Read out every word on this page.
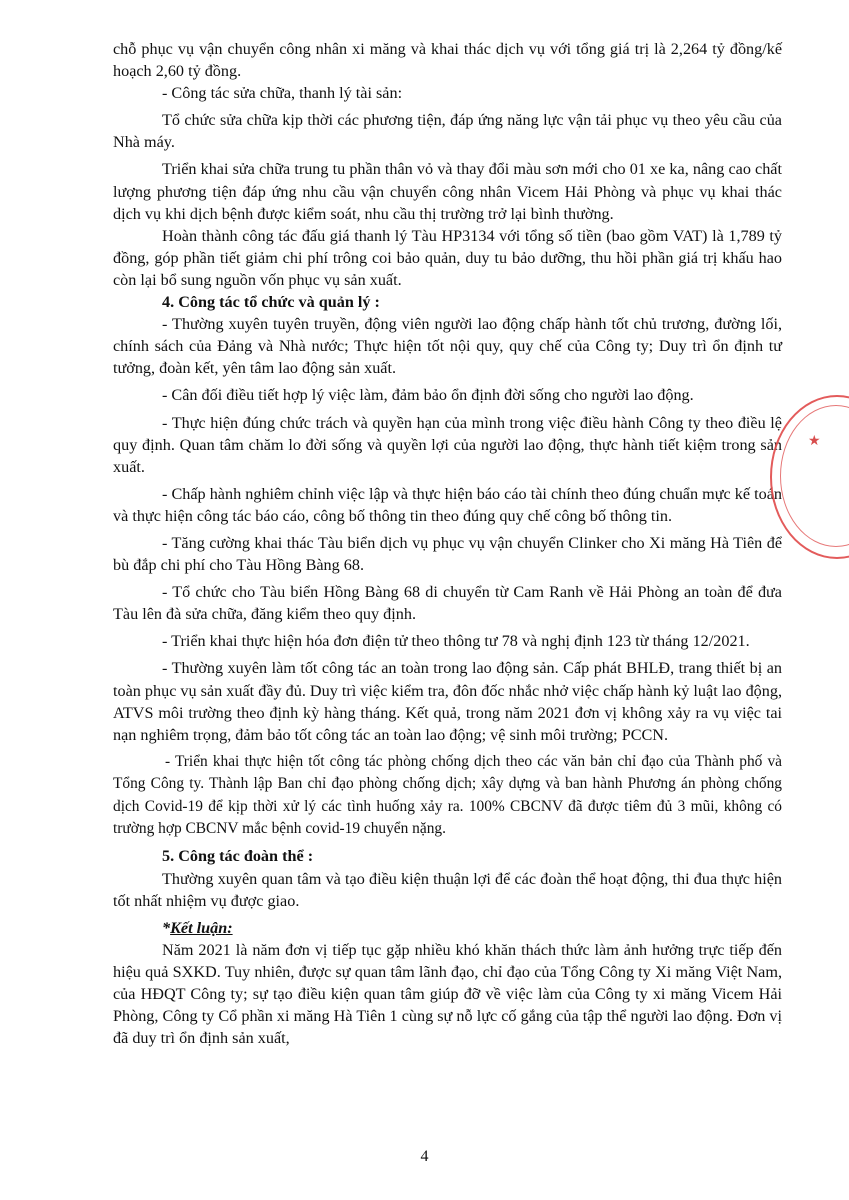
chỗ phục vụ vận chuyển công nhân xi măng và khai thác dịch vụ với tổng giá trị là 2,264 tỷ đồng/kế hoạch 2,60 tỷ đồng.

- Công tác sửa chữa, thanh lý tài sản:

Tổ chức sửa chữa kịp thời các phương tiện, đáp ứng năng lực vận tải phục vụ theo yêu cầu của Nhà máy.

Triển khai sửa chữa trung tu phần thân vỏ và thay đổi màu sơn mới cho 01 xe ka, nâng cao chất lượng phương tiện đáp ứng nhu cầu vận chuyển công nhân Vicem Hải Phòng và phục vụ khai thác dịch vụ khi dịch bệnh được kiểm soát, nhu cầu thị trường trở lại bình thường.

Hoàn thành công tác đấu giá thanh lý Tàu HP3134 với tổng số tiền (bao gồm VAT) là 1,789 tỷ đồng, góp phần tiết giảm chi phí trông coi bảo quản, duy tu bảo dưỡng, thu hồi phần giá trị khấu hao còn lại bổ sung nguồn vốn phục vụ sản xuất.

4. Công tác tổ chức và quản lý :

- Thường xuyên tuyên truyền, động viên người lao động chấp hành tốt chủ trương, đường lối, chính sách của Đảng và Nhà nước; Thực hiện tốt nội quy, quy chế của Công ty; Duy trì ổn định tư tưởng, đoàn kết, yên tâm lao động sản xuất.

- Cân đối điều tiết hợp lý việc làm, đảm bảo ổn định đời sống cho người lao động.

- Thực hiện đúng chức trách và quyền hạn của mình trong việc điều hành Công ty theo điều lệ quy định. Quan tâm chăm lo đời sống và quyền lợi của người lao động, thực hành tiết kiệm trong sản xuất.

- Chấp hành nghiêm chỉnh việc lập và thực hiện báo cáo tài chính theo đúng chuẩn mực kế toán và thực hiện công tác báo cáo, công bố thông tin theo đúng quy chế công bố thông tin.

- Tăng cường khai thác Tàu biển dịch vụ phục vụ vận chuyển Clinker cho Xi măng Hà Tiên để bù đắp chi phí cho Tàu Hồng Bàng 68.

- Tổ chức cho Tàu biển Hồng Bàng 68 di chuyển từ Cam Ranh về Hải Phòng an toàn để đưa Tàu lên đà sửa chữa, đăng kiểm theo quy định.

- Triển khai thực hiện hóa đơn điện tử theo thông tư 78 và nghị định 123 từ tháng 12/2021.

- Thường xuyên làm tốt công tác an toàn trong lao động sản. Cấp phát BHLĐ, trang thiết bị an toàn phục vụ sản xuất đầy đủ. Duy trì việc kiểm tra, đôn đốc nhắc nhở việc chấp hành kỷ luật lao động, ATVS môi trường theo định kỳ hàng tháng. Kết quả, trong năm 2021 đơn vị không xảy ra vụ việc tai nạn nghiêm trọng, đảm bảo tốt công tác an toàn lao động; vệ sinh môi trường; PCCN.

- Triển khai thực hiện tốt công tác phòng chống dịch theo các văn bản chỉ đạo của Thành phố và Tổng Công ty. Thành lập Ban chỉ đạo phòng chống dịch; xây dựng và ban hành Phương án phòng chống dịch Covid-19 để kịp thời xử lý các tình huống xảy ra. 100% CBCNV đã được tiêm đủ 3 mũi, không có trường hợp CBCNV mắc bệnh covid-19 chuyển nặng.

5. Công tác đoàn thể :

Thường xuyên quan tâm và tạo điều kiện thuận lợi để các đoàn thể hoạt động, thi đua thực hiện tốt nhất nhiệm vụ được giao.

*Kết luận:

Năm 2021 là năm đơn vị tiếp tục gặp nhiều khó khăn thách thức làm ảnh hưởng trực tiếp đến hiệu quả SXKD. Tuy nhiên, được sự quan tâm lãnh đạo, chỉ đạo của Tổng Công ty Xi măng Việt Nam, của HĐQT Công ty; sự tạo điều kiện quan tâm giúp đỡ về việc làm của Công ty xi măng Vicem Hải Phòng, Công ty Cổ phần xi măng Hà Tiên 1 cùng sự nỗ lực cố gắng của tập thể người lao động. Đơn vị đã duy trì ổn định sản xuất,

4
★
